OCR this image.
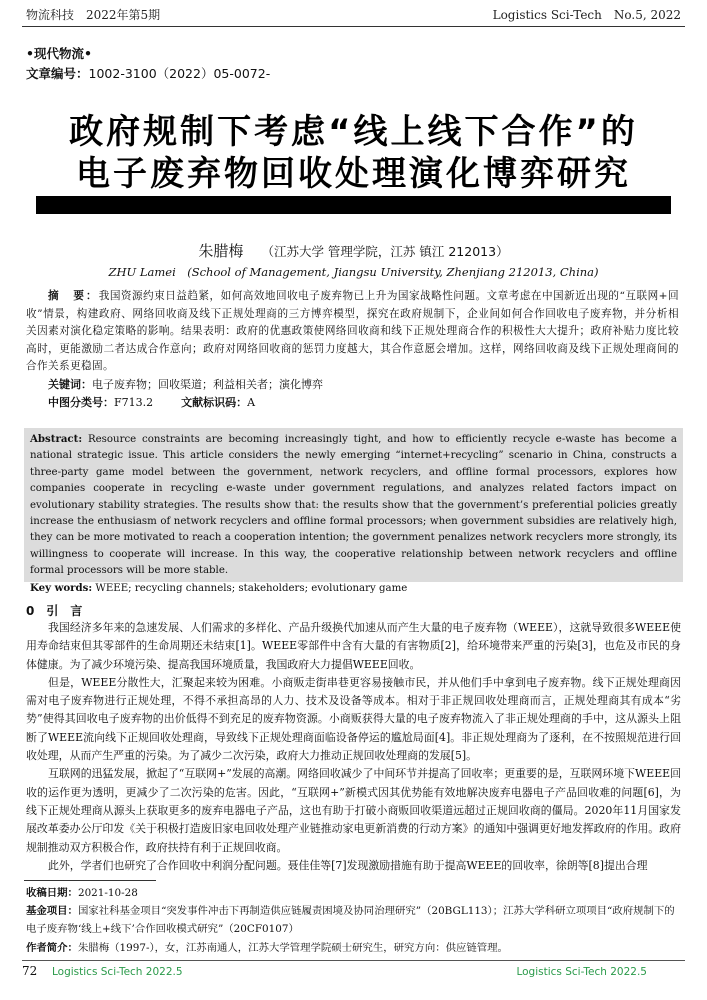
物流科技　2022年第5期	Logistics Sci-Tech　No.5, 2022
•现代物流•
文章编号：1002-3100（2022）05-0072-
政府规制下考虑“线上线下合作”的
电子废弃物回收处理演化博弈研究
朱腊梅 （江苏大学 管理学院，江苏 镇江 212013）
ZHU Lamei　(School of Management, Jiangsu University, Zhenjiang 212013, China)
摘　要：我国资源约束日益趋紧，如何高效地回收电子废弃物已上升为国家战略性问题。文章考虑在中国新近出现的“互联网+回收”情景，构建政府、网络回收商及线下正规处理商的三方博弈模型，探究在政府规制下，企业间如何合作回收电子废弃物，并分析相关因素对演化稳定策略的影响。结果表明：政府的优惠政策使网络回收商和线下正规处理商合作的积极性大大提升；政府补贴力度比较高时，更能激励二者达成合作意向；政府对网络回收商的惩罚力度越大，其合作意愿会增加。这样，网络回收商及线下正规处理商间的合作关系更稳固。
关键词：电子废弃物；回收渠道；利益相关者；演化博弈
中图分类号：F713.2	文献标识码：A
Abstract: Resource constraints are becoming increasingly tight, and how to efficiently recycle e-waste has become a national strategic issue. This article considers the newly emerging “internet+recycling” scenario in China, constructs a three-party game model between the government, network recyclers, and offline formal processors, explores how companies cooperate in recycling e-waste under government regulations, and analyzes related factors impact on evolutionary stability strategies. The results show that: the results show that the government’s preferential policies greatly increase the enthusiasm of network recyclers and offline formal processors; when government subsidies are relatively high, they can be more motivated to reach a cooperation intention; the government penalizes network recyclers more strongly, its willingness to cooperate will increase. In this way, the cooperative relationship between network recyclers and offline formal processors will be more stable.
Key words: WEEE; recycling channels; stakeholders; evolutionary game
0 引　言

我国经济多年来的急速发展、人们需求的多样化、产品升级换代加速从而产生大量的电子废弃物（WEEE），这就导致很多WEEE使用寿命结束但其零部件的生命周期还未结束[1]。WEEE零部件中含有大量的有害物质[2]，给环境带来严重的污染[3]，也危及市民的身体健康。为了减少环境污染、提高我国环境质量，我国政府大力提倡WEEE回收。

但是，WEEE分散性大，汇聚起来较为困难。小商贩走街串巷更容易接触市民，并从他们手中拿到电子废弃物。线下正规处理商因需对电子废弃物进行正规处理，不得不承担高昂的人力、技术及设备等成本。相对于非正规回收处理商而言，正规处理商其有成本“劣势”使得其回收电子废弃物的出价低得不到充足的废弃物资源。小商贩获得大量的电子废弃物流入了非正规处理商的手中，这从源头上阻断了WEEE流向线下正规回收处理商，导致线下正规处理商面临设备停运的尴尬局面[4]。非正规处理商为了逐利，在不按照规范进行回收处理，从而产生严重的污染。为了减少二次污染，政府大力推动正规回收处理商的发展[5]。

互联网的迅猛发展，掀起了“互联网+”发展的高潮。网络回收减少了中间环节并提高了回收率；更重要的是，互联网环境下WEEE回收的运作更为透明，更减少了二次污染的危害。因此，“互联网+”新模式因其优势能有效地解决废弃电器电子产品回收难的问题[6]，为线下正规处理商从源头上获取更多的废弃电器电子产品，这也有助于打破小商贩回收渠道远超过正规回收商的僵局。2020年11月国家发展改革委办公厅印发《关于积极打造废旧家电回收处理产业链推动家电更新消费的行动方案》的通知中强调更好地发挥政府的作用。政府规制推动双方积极合作，政府扶持有利于正规回收商。

此外，学者们也研究了合作回收中利润分配问题。聂佳佳等[7]发现激励措施有助于提高WEEE的回收率，徐朗等[8]提出合理

收稿日期：2021-10-28

基金项目：国家社科基金项目“突发事件冲击下再制造供应链履责困境及协同治理研究”（20BGL113）；江苏大学科研立项项目“政府规制下的电子废弃物‘线上+线下’合作回收模式研究”（20CF0107）

作者简介：朱腊梅（1997-），女，江苏南通人，江苏大学管理学院硕士研究生，研究方向：供应链管理。

72 Logistics Sci-Tech 2022.5	Logistics Sci-Tech 2022.5
